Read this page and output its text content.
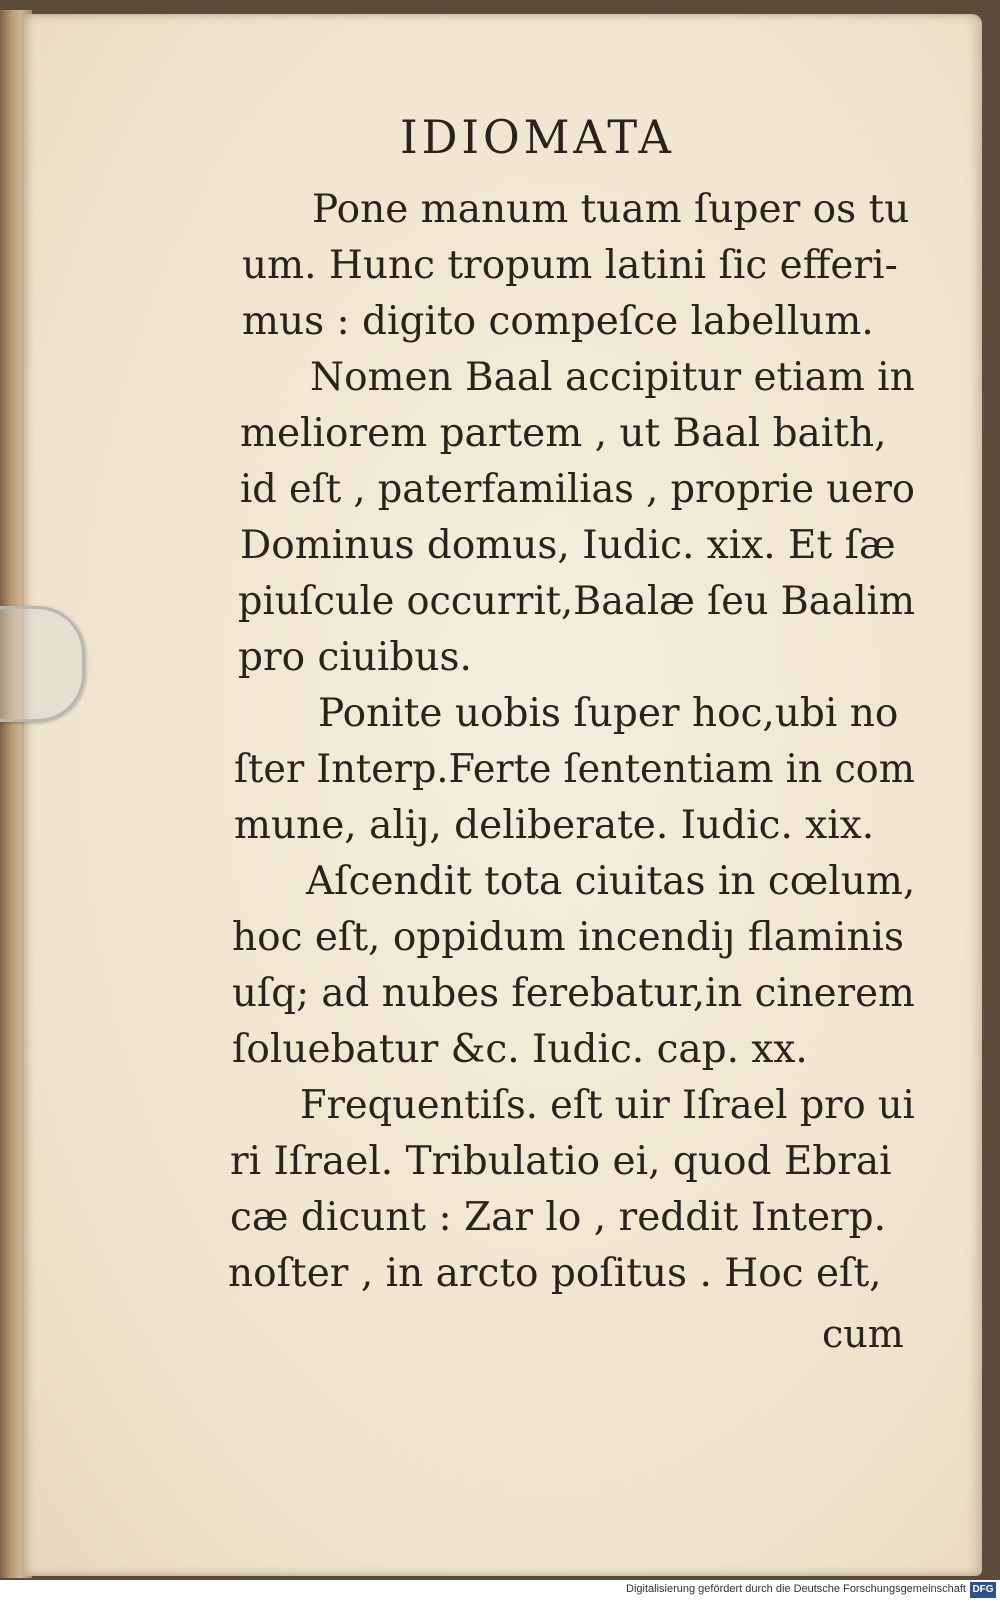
IDIOMATA
Pone manum tuam ſuper os tu
um. Hunc tropum latini ſic efferi-
mus : digito compeſce labellum.
Nomen Baal accipitur etiam in
meliorem partem , ut Baal baith,
id eſt , paterfamilias , proprie uero
Dominus domus, Iudic. xix. Et ſæ
piuſcule occurrit,Baalæ ſeu Baalim
pro ciuibus.
Ponite uobis ſuper hoc,ubi no
ſter Interp.Ferte ſententiam in com
mune, aliȷ, deliberate. Iudic. xix.
Aſcendit tota ciuitas in cœlum,
hoc eſt, oppidum incendiȷ flaminis
uſq; ad nubes ferebatur,in cinerem
ſoluebatur &c. Iudic. cap. xx.
Frequentiſs. eſt uir Iſrael pro ui
ri Iſrael. Tribulatio ei, quod Ebrai
cæ dicunt : Zar lo , reddit Interp.
noſter , in arcto poſitus . Hoc eſt,
cum
Digitalisierung gefördert durch die Deutsche Forschungsgemeinschaft DFG
